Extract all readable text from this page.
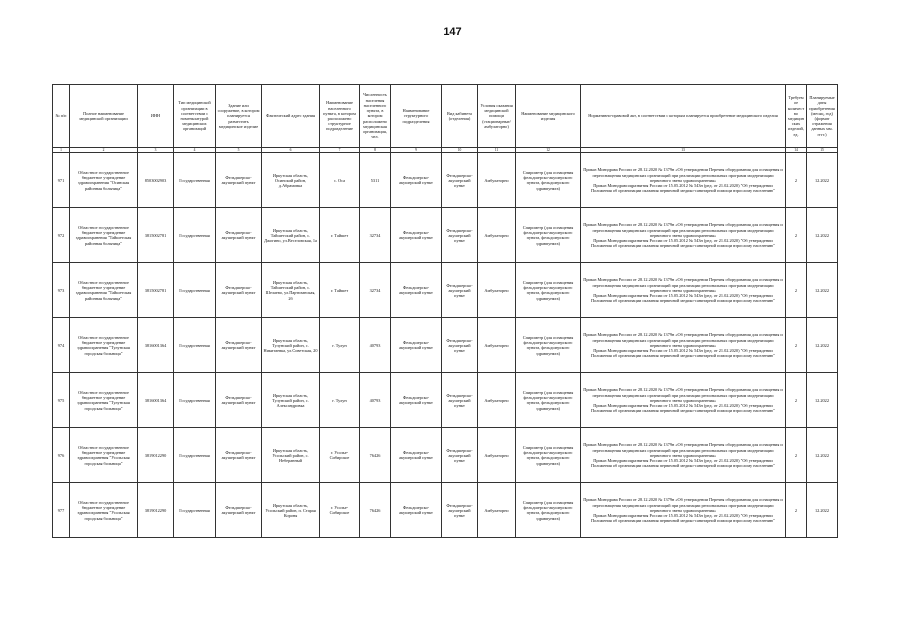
147
№ п/п	Полное наименование медицинской организации	ИНН	Тип медицинской организации в соответствии с номенклатурой медицинских организаций	Здание или сооружение, в котором планируется разместить медицинское изделие	Фактический адрес здания	Наименование населенного пункта, в котором расположено структурное подразделение	Численность населения населенного пункта, в котором расположено медицинская организация, чел.	Наименование структурного подразделения	Вид кабинета (отделения)	Условия оказания медицинской помощи (стационарные/амбулаторно)	Наименование медицинского изделия	Нормативно-правовой акт, в соответствии с которым планируется приобретение медицинского изделия	Требуемое количество медицинских изделий, ед.	Планируемые даты приобретения (месяц, год) (формат отражения данных мм. гггг.)
1	2	3	4	5	6	7	8	9	10	11	12	13	14	15
971	Областное государственное бюджетное учреждение здравоохранения "Осинская районная больница"	8503002903	Государственная	Фельдшерско-акушерский пункт	Иркутская область, Осинский район, д.Абрамовка	с. Оса	5311	Фельдшерско-акушерский пункт	Фельдшерско-акушерский пункт	Амбулаторно	Спирометр (для оснащения фельдшерско-акушерского пункта, фельдшерского здравпункта)	Приказ Минздрава России от 28.12.2020 № 1379н «Об утверждении Перечня оборудования для оснащения и переоснащения медицинских организаций при реализации региональных программ модернизации первичного звена здравоохранения»
Приказ Минздравсоцразвития России от 15.05.2012 № 543н (ред. от 21.02.2020) "Об утверждении Положения об организации оказания первичной медико-санитарной помощи взрослому населению"	2	12.2022
972	Областное государственное бюджетное учреждение здравоохранения "Тайшетская районная больница"	3815002781	Государственная	Фельдшерско-акушерский пункт	Иркутская область, Тайшетский район, с. Джогино, ул.Веселовская, 1а	г. Тайшет	32734	Фельдшерско-акушерский пункт	Фельдшерско-акушерский пункт	Амбулаторно	Спирометр (для оснащения фельдшерско-акушерского пункта, фельдшерского здравпункта)	Приказ Минздрава России от 28.12.2020 № 1379н «Об утверждении Перечня оборудования для оснащения и переоснащения медицинских организаций при реализации региональных программ модернизации первичного звена здравоохранения»
Приказ Минздравсоцразвития России от 15.05.2012 № 543н (ред. от 21.02.2020) "Об утверждении Положения об организации оказания первичной медико-санитарной помощи взрослому населению"	2	12.2022
973	Областное государственное бюджетное учреждение здравоохранения "Тайшетская районная больница"	3815002781	Государственная	Фельдшерско-акушерский пункт	Иркутская область, Тайшетский район, с. Шелаево, ул.Партизанская, 2б	г. Тайшет	32734	Фельдшерско-акушерский пункт	Фельдшерско-акушерский пункт	Амбулаторно	Спирометр (для оснащения фельдшерско-акушерского пункта, фельдшерского здравпункта)	Приказ Минздрава России от 28.12.2020 № 1379н «Об утверждении Перечня оборудования для оснащения и переоснащения медицинских организаций при реализации региональных программ модернизации первичного звена здравоохранения»
Приказ Минздравсоцразвития России от 15.05.2012 № 543н (ред. от 21.02.2020) "Об утверждении Положения об организации оказания первичной медико-санитарной помощи взрослому населению"	2	12.2022
974	Областное государственное бюджетное учреждение здравоохранения "Тулунская городская больница"	3816001364	Государственная	Фельдшерско-акушерский пункт	Иркутская область, Тулунский район, с. Никитаевка, ул.Советская, 20	г. Тулун	40793	Фельдшерско-акушерский пункт	Фельдшерско-акушерский пункт	Амбулаторно	Спирометр (для оснащения фельдшерско-акушерского пункта, фельдшерского здравпункта)	Приказ Минздрава России от 28.12.2020 № 1379н «Об утверждении Перечня оборудования для оснащения и переоснащения медицинских организаций при реализации региональных программ модернизации первичного звена здравоохранения»
Приказ Минздравсоцразвития России от 15.05.2012 № 543н (ред. от 21.02.2020) "Об утверждении Положения об организации оказания первичной медико-санитарной помощи взрослому населению"	2	12.2022
975	Областное государственное бюджетное учреждение здравоохранения "Тулунская городская больница"	3816001364	Государственная	Фельдшерско-акушерский пункт	Иркутская область, Тулунский район, с. Александровка	г. Тулун	40793	Фельдшерско-акушерский пункт	Фельдшерско-акушерский пункт	Амбулаторно	Спирометр (для оснащения фельдшерско-акушерского пункта, фельдшерского здравпункта)	Приказ Минздрава России от 28.12.2020 № 1379н «Об утверждении Перечня оборудования для оснащения и переоснащения медицинских организаций при реализации региональных программ модернизации первичного звена здравоохранения»
Приказ Минздравсоцразвития России от 15.05.2012 № 543н (ред. от 21.02.2020) "Об утверждении Положения об организации оказания первичной медико-санитарной помощи взрослому населению"	2	12.2022
976	Областное государственное бюджетное учреждение здравоохранения "Усольская городская больница"	3819012290	Государственная	Фельдшерско-акушерский пункт	Иркутская область, Усольский район, с. Неберанный	г. Усолье-Сибирское	76426	Фельдшерско-акушерский пункт	Фельдшерско-акушерский пункт	Амбулаторно	Спирометр (для оснащения фельдшерско-акушерского пункта, фельдшерского здравпункта)	Приказ Минздрава России от 28.12.2020 № 1379н «Об утверждении Перечня оборудования для оснащения и переоснащения медицинских организаций при реализации региональных программ модернизации первичного звена здравоохранения»
Приказ Минздравсоцразвития России от 15.05.2012 № 543н (ред. от 21.02.2020) "Об утверждении Положения об организации оказания первичной медико-санитарной помощи взрослому населению"	2	12.2022
977	Областное государственное бюджетное учреждение здравоохранения "Усольская городская больница"	3819012290	Государственная	Фельдшерско-акушерский пункт	Иркутская область, Усольский район, п. Старая Короня	г. Усолье-Сибирское	76426	Фельдшерско-акушерский пункт	Фельдшерско-акушерский пункт	Амбулаторно	Спирометр (для оснащения фельдшерско-акушерского пункта, фельдшерского здравпункта)	Приказ Минздрава России от 28.12.2020 № 1379н «Об утверждении Перечня оборудования для оснащения и переоснащения медицинских организаций при реализации региональных программ модернизации первичного звена здравоохранения»
Приказ Минздравсоцразвития России от 15.05.2012 № 543н (ред. от 21.02.2020) "Об утверждении Положения об организации оказания первичной медико-санитарной помощи взрослому населению"	2	12.2022
